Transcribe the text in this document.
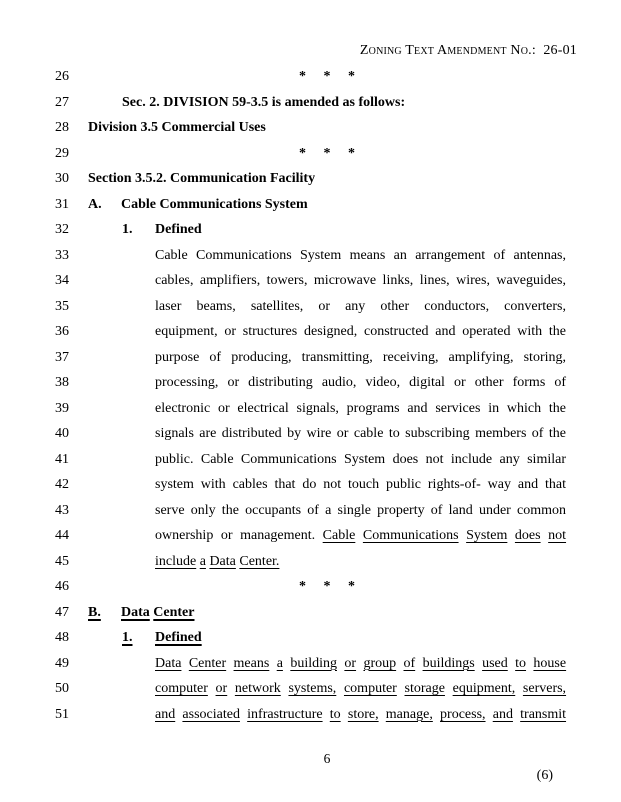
Zoning Text Amendment No.:  26-01

26	* * *
27	Sec. 2. DIVISION 59-3.5 is amended as follows:
28 Division 3.5 Commercial Uses
29	* * *
30 Section 3.5.2. Communication Facility
31 A. Cable Communications System
32	1. Defined
33	Cable Communications System means an arrangement of antennas,
34	cables, amplifiers, towers, microwave links, lines, wires, waveguides,
35	laser beams, satellites, or any other conductors, converters,
36	equipment, or structures designed, constructed and operated with the
37	purpose of producing, transmitting, receiving, amplifying, storing,
38	processing, or distributing audio, video, digital or other forms of
39	electronic or electrical signals, programs and services in which the
40	signals are distributed by wire or cable to subscribing members of the
41	public. Cable Communications System does not include any similar
42	system with cables that do not touch public rights-of- way and that
43	serve only the occupants of a single property of land under common
44	ownership or management. Cable Communications System does not
45	include a Data Center.
46	* * *
47 B. Data Center
48	1. Defined
49	Data Center means a building or group of buildings used to house
50	computer or network systems, computer storage equipment, servers,
51	and associated infrastructure to store, manage, process, and transmit
6
(6)
